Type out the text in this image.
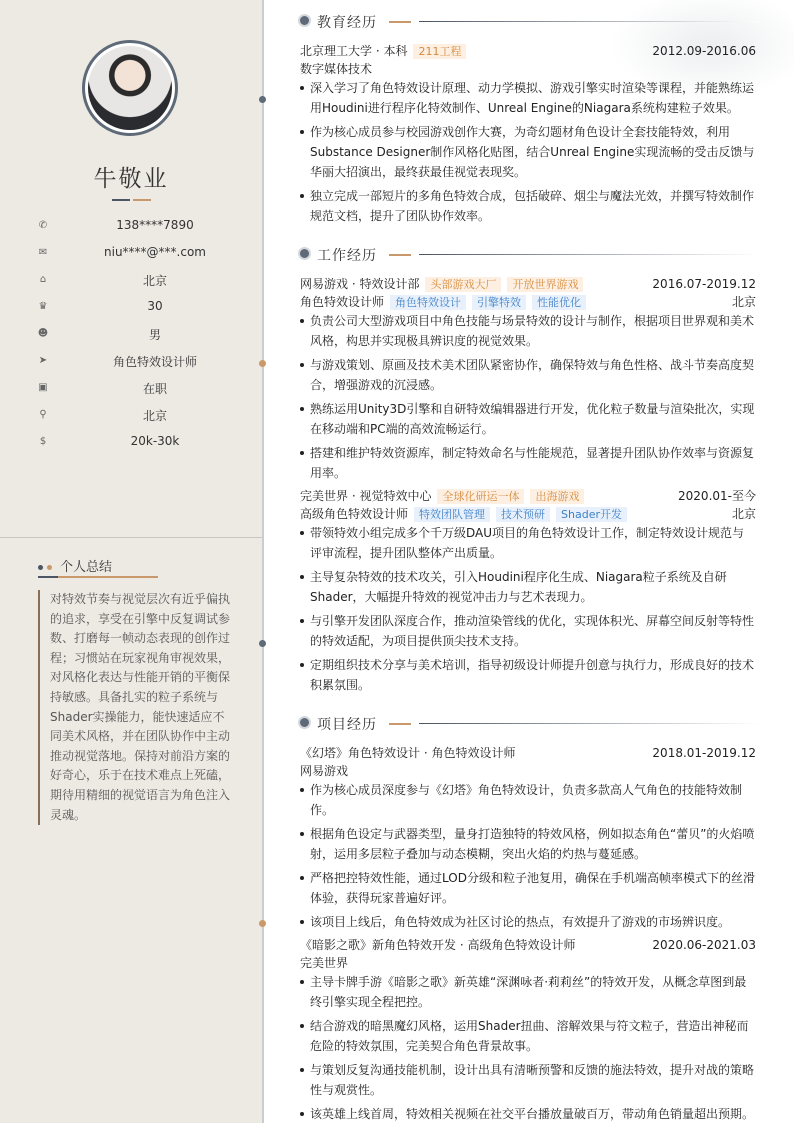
牛敬业
✆	138****7890
✉	niu****@***.com
⌂	北京
♛	30
☻	男
➤	角色特效设计师
▣	在职
⚲	北京
$	20k-30k
个人总结
对特效节奏与视觉层次有近乎偏执的追求，享受在引擎中反复调试参数、打磨每一帧动态表现的创作过程；习惯站在玩家视角审视效果，对风格化表达与性能开销的平衡保持敏感。具备扎实的粒子系统与Shader实操能力，能快速适应不同美术风格，并在团队协作中主动推动视觉落地。保持对前沿方案的好奇心，乐于在技术难点上死磕，期待用精细的视觉语言为角色注入灵魂。
教育经历
北京理工大学 · 本科 211工程	2012.09-2016.06
数字媒体技术
深入学习了角色特效设计原理、动力学模拟、游戏引擎实时渲染等课程，并能熟练运用Houdini进行程序化特效制作、Unreal Engine的Niagara系统构建粒子效果。
作为核心成员参与校园游戏创作大赛，为奇幻题材角色设计全套技能特效，利用Substance Designer制作风格化贴图，结合Unreal Engine实现流畅的受击反馈与华丽大招演出，最终获最佳视觉表现奖。
独立完成一部短片的多角色特效合成，包括破碎、烟尘与魔法光效，并撰写特效制作规范文档，提升了团队协作效率。
工作经历
网易游戏 · 特效设计部 头部游戏大厂 开放世界游戏	2016.07-2019.12
角色特效设计师 角色特效设计 引擎特效 性能优化	北京
负责公司大型游戏项目中角色技能与场景特效的设计与制作，根据项目世界观和美术风格，构思并实现极具辨识度的视觉效果。
与游戏策划、原画及技术美术团队紧密协作，确保特效与角色性格、战斗节奏高度契合，增强游戏的沉浸感。
熟练运用Unity3D引擎和自研特效编辑器进行开发，优化粒子数量与渲染批次，实现在移动端和PC端的高效流畅运行。
搭建和维护特效资源库，制定特效命名与性能规范，显著提升团队协作效率与资源复用率。
完美世界 · 视觉特效中心 全球化研运一体 出海游戏	2020.01-至今
高级角色特效设计师 特效团队管理 技术预研 Shader开发	北京
带领特效小组完成多个千万级DAU项目的角色特效设计工作，制定特效设计规范与评审流程，提升团队整体产出质量。
主导复杂特效的技术攻关，引入Houdini程序化生成、Niagara粒子系统及自研Shader，大幅提升特效的视觉冲击力与艺术表现力。
与引擎开发团队深度合作，推动渲染管线的优化，实现体积光、屏幕空间反射等特性的特效适配，为项目提供顶尖技术支持。
定期组织技术分享与美术培训，指导初级设计师提升创意与执行力，形成良好的技术积累氛围。
项目经历
《幻塔》角色特效设计 · 角色特效设计师	2018.01-2019.12
网易游戏
作为核心成员深度参与《幻塔》角色特效设计，负责多款高人气角色的技能特效制作。
根据角色设定与武器类型，量身打造独特的特效风格，例如拟态角色“蕾贝”的火焰喷射，运用多层粒子叠加与动态模糊，突出火焰的灼热与蔓延感。
严格把控特效性能，通过LOD分级和粒子池复用，确保在手机端高帧率模式下的丝滑体验，获得玩家普遍好评。
该项目上线后，角色特效成为社区讨论的热点，有效提升了游戏的市场辨识度。
《暗影之歌》新角色特效开发 · 高级角色特效设计师	2020.06-2021.03
完美世界
主导卡牌手游《暗影之歌》新英雄“深渊咏者·莉莉丝”的特效开发，从概念草图到最终引擎实现全程把控。
结合游戏的暗黑魔幻风格，运用Shader扭曲、溶解效果与符文粒子，营造出神秘而危险的特效氛围，完美契合角色背景故事。
与策划反复沟通技能机制，设计出具有清晰预警和反馈的施法特效，提升对战的策略性与观赏性。
该英雄上线首周，特效相关视频在社交平台播放量破百万，带动角色销量超出预期。
